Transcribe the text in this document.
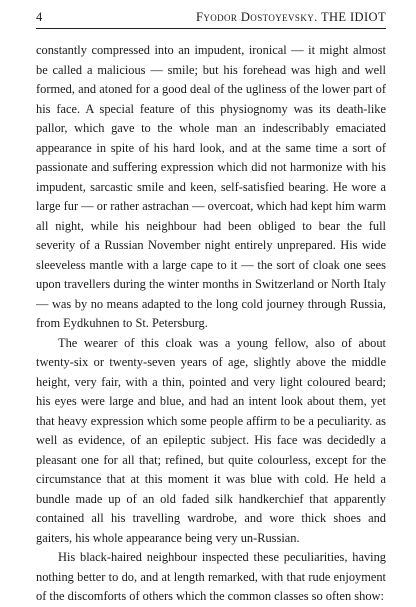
4	Fyodor Dostoyevsky. THE IDIOT

constantly compressed into an impudent, ironical — it might almost be called a malicious — smile; but his forehead was high and well formed, and atoned for a good deal of the ugliness of the lower part of his face. A special feature of this physiognomy was its death-like pallor, which gave to the whole man an indescribably emaciated appearance in spite of his hard look, and at the same time a sort of passionate and suffering expression which did not harmonize with his impudent, sarcastic smile and keen, self-satisfied bearing. He wore a large fur — or rather astrachan — overcoat, which had kept him warm all night, while his neighbour had been obliged to bear the full severity of a Russian November night entirely unprepared. His wide sleeveless mantle with a large cape to it — the sort of cloak one sees upon travellers during the winter months in Switzerland or North Italy — was by no means adapted to the long cold journey through Russia, from Eydkuhnen to St. Petersburg.

The wearer of this cloak was a young fellow, also of about twenty-six or twenty-seven years of age, slightly above the middle height, very fair, with a thin, pointed and very light coloured beard; his eyes were large and blue, and had an intent look about them, yet that heavy expression which some people affirm to be a peculiarity. as well as evidence, of an epileptic subject. His face was decidedly a pleasant one for all that; refined, but quite colourless, except for the circumstance that at this moment it was blue with cold. He held a bundle made up of an old faded silk handkerchief that apparently contained all his travelling wardrobe, and wore thick shoes and gaiters, his whole appearance being very un-Russian.

His black-haired neighbour inspected these peculiarities, having nothing better to do, and at length remarked, with that rude enjoyment of the discomforts of others which the common classes so often show:
